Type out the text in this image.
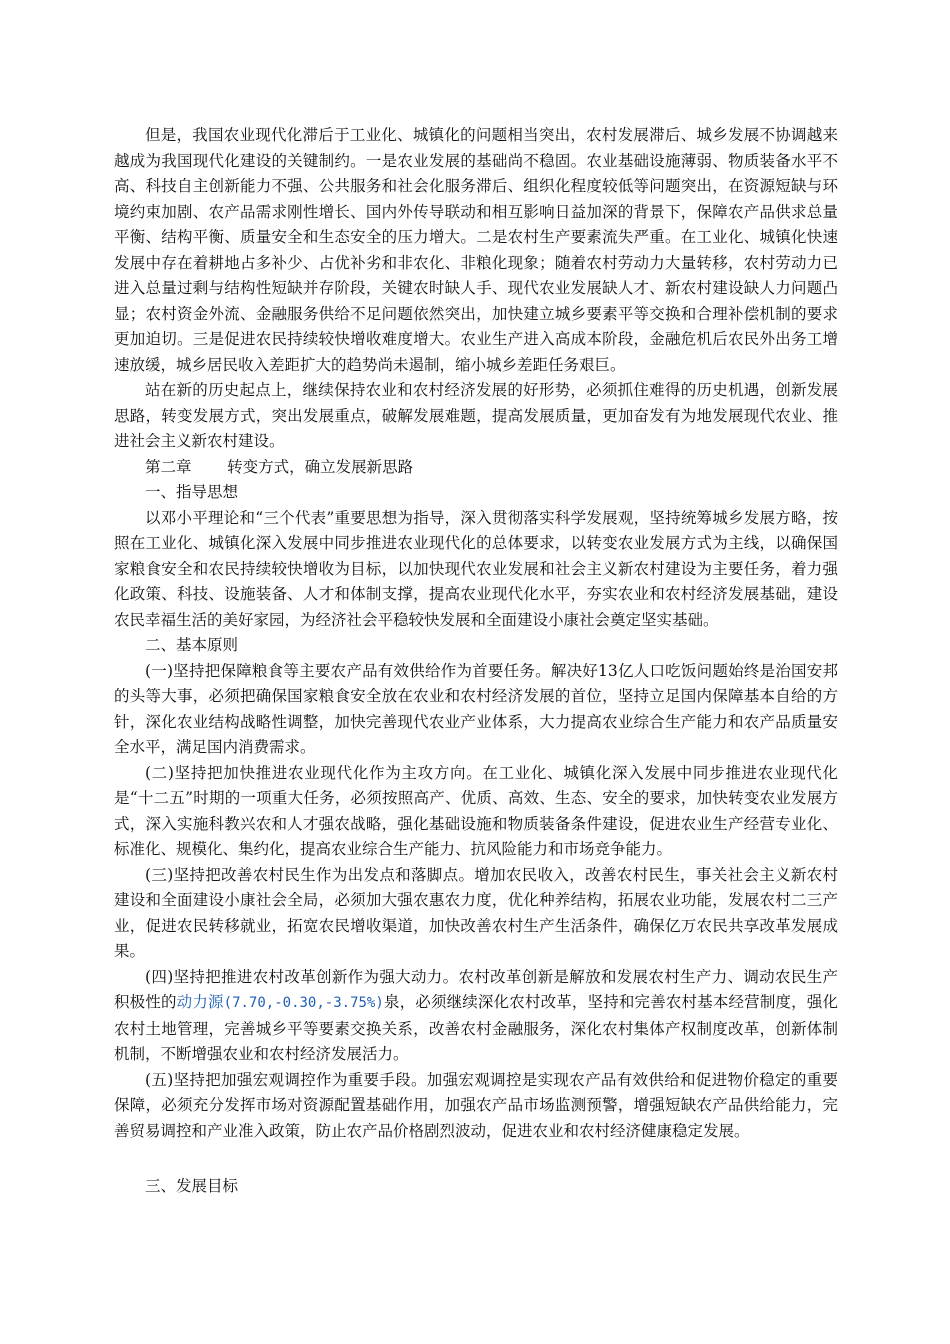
但是，我国农业现代化滞后于工业化、城镇化的问题相当突出，农村发展滞后、城乡发展不协调越来越成为我国现代化建设的关键制约。一是农业发展的基础尚不稳固。农业基础设施薄弱、物质装备水平不高、科技自主创新能力不强、公共服务和社会化服务滞后、组织化程度较低等问题突出，在资源短缺与环境约束加剧、农产品需求刚性增长、国内外传导联动和相互影响日益加深的背景下，保障农产品供求总量平衡、结构平衡、质量安全和生态安全的压力增大。二是农村生产要素流失严重。在工业化、城镇化快速发展中存在着耕地占多补少、占优补劣和非农化、非粮化现象；随着农村劳动力大量转移，农村劳动力已进入总量过剩与结构性短缺并存阶段，关键农时缺人手、现代农业发展缺人才、新农村建设缺人力问题凸显；农村资金外流、金融服务供给不足问题依然突出，加快建立城乡要素平等交换和合理补偿机制的要求更加迫切。三是促进农民持续较快增收难度增大。农业生产进入高成本阶段，金融危机后农民外出务工增速放缓，城乡居民收入差距扩大的趋势尚未遏制，缩小城乡差距任务艰巨。

站在新的历史起点上，继续保持农业和农村经济发展的好形势，必须抓住难得的历史机遇，创新发展思路，转变发展方式，突出发展重点，破解发展难题，提高发展质量，更加奋发有为地发展现代农业、推进社会主义新农村建设。

第二章 转变方式，确立发展新思路

一、指导思想

以邓小平理论和“三个代表”重要思想为指导，深入贯彻落实科学发展观，坚持统筹城乡发展方略，按照在工业化、城镇化深入发展中同步推进农业现代化的总体要求，以转变农业发展方式为主线，以确保国家粮食安全和农民持续较快增收为目标，以加快现代农业发展和社会主义新农村建设为主要任务，着力强化政策、科技、设施装备、人才和体制支撑，提高农业现代化水平，夯实农业和农村经济发展基础，建设农民幸福生活的美好家园，为经济社会平稳较快发展和全面建设小康社会奠定坚实基础。

二、基本原则

(一)坚持把保障粮食等主要农产品有效供给作为首要任务。解决好13亿人口吃饭问题始终是治国安邦的头等大事，必须把确保国家粮食安全放在农业和农村经济发展的首位，坚持立足国内保障基本自给的方针，深化农业结构战略性调整，加快完善现代农业产业体系，大力提高农业综合生产能力和农产品质量安全水平，满足国内消费需求。

(二)坚持把加快推进农业现代化作为主攻方向。在工业化、城镇化深入发展中同步推进农业现代化是“十二五”时期的一项重大任务，必须按照高产、优质、高效、生态、安全的要求，加快转变农业发展方式，深入实施科教兴农和人才强农战略，强化基础设施和物质装备条件建设，促进农业生产经营专业化、标准化、规模化、集约化，提高农业综合生产能力、抗风险能力和市场竞争能力。

(三)坚持把改善农村民生作为出发点和落脚点。增加农民收入，改善农村民生，事关社会主义新农村建设和全面建设小康社会全局，必须加大强农惠农力度，优化种养结构，拓展农业功能，发展农村二三产业，促进农民转移就业，拓宽农民增收渠道，加快改善农村生产生活条件，确保亿万农民共享改革发展成果。

(四)坚持把推进农村改革创新作为强大动力。农村改革创新是解放和发展农村生产力、调动农民生产积极性的动力源(7.70,-0.30,-3.75%)泉，必须继续深化农村改革，坚持和完善农村基本经营制度，强化农村土地管理，完善城乡平等要素交换关系，改善农村金融服务，深化农村集体产权制度改革，创新体制机制，不断增强农业和农村经济发展活力。

(五)坚持把加强宏观调控作为重要手段。加强宏观调控是实现农产品有效供给和促进物价稳定的重要保障，必须充分发挥市场对资源配置基础作用，加强农产品市场监测预警，增强短缺农产品供给能力，完善贸易调控和产业准入政策，防止农产品价格剧烈波动，促进农业和农村经济健康稳定发展。

三、发展目标
